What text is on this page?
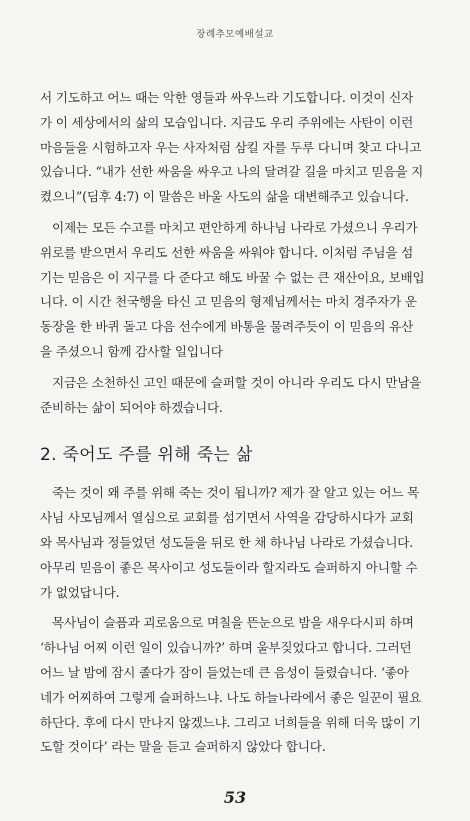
장례추모예배설교

서 기도하고 어느 때는 악한 영들과 싸우느라 기도합니다. 이것이 신자
가 이 세상에서의 삶의 모습입니다. 지금도 우리 주위에는 사탄이 이런
마음들을 시험하고자 우는 사자처럼 삼킬 자를 두루 다니며 찾고 다니고
있습니다. “내가 선한 싸움을 싸우고 나의 달려갈 길을 마치고 믿음을 지
켰으니”(딤후 4:7) 이 말씀은 바울 사도의 삶을 대변해주고 있습니다.

이제는 모든 수고를 마치고 편안하게 하나님 나라로 가셨으니 우리가
위로를 받으면서 우리도 선한 싸움을 싸워야 합니다. 이처럼 주님을 섬
기는 믿음은 이 지구를 다 준다고 해도 바꿀 수 없는 큰 재산이요, 보배입
니다. 이 시간 천국행을 타신 고 믿음의 형제님께서는 마치 경주자가 운
동장을 한 바퀴 돌고 다음 선수에게 바통을 물려주듯이 이 믿음의 유산
을 주셨으니 함께 감사할 일입니다

지금은 소천하신 고인 때문에 슬퍼할 것이 아니라 우리도 다시 만남을
준비하는 삶이 되어야 하겠습니다.

2. 죽어도 주를 위해 죽는 삶

죽는 것이 왜 주를 위해 죽는 것이 됩니까? 제가 잘 알고 있는 어느 목
사님 사모님께서 열심으로 교회를 섬기면서 사역을 감당하시다가 교회
와 목사님과 정들었던 성도들을 뒤로 한 채 하나님 나라로 가셨습니다.
아무리 믿음이 좋은 목사이고 성도들이라 할지라도 슬퍼하지 아니할 수
가 없었답니다.

목사님이 슬픔과 괴로움으로 며칠을 뜬눈으로 밤을 새우다시피 하며
‘하나님 어찌 이런 일이 있습니까?’ 하며 울부짖었다고 합니다. 그러던
어느 날 밤에 잠시 졸다가 잠이 들었는데 큰 음성이 들렸습니다. ‘좋아
네가 어찌하여 그렇게 슬퍼하느냐. 나도 하늘나라에서 좋은 일꾼이 필요
하단다. 후에 다시 만나지 않겠느냐. 그리고 너희들을 위해 더욱 많이 기
도할 것이다’ 라는 말을 듣고 슬퍼하지 않았다 합니다.

53
